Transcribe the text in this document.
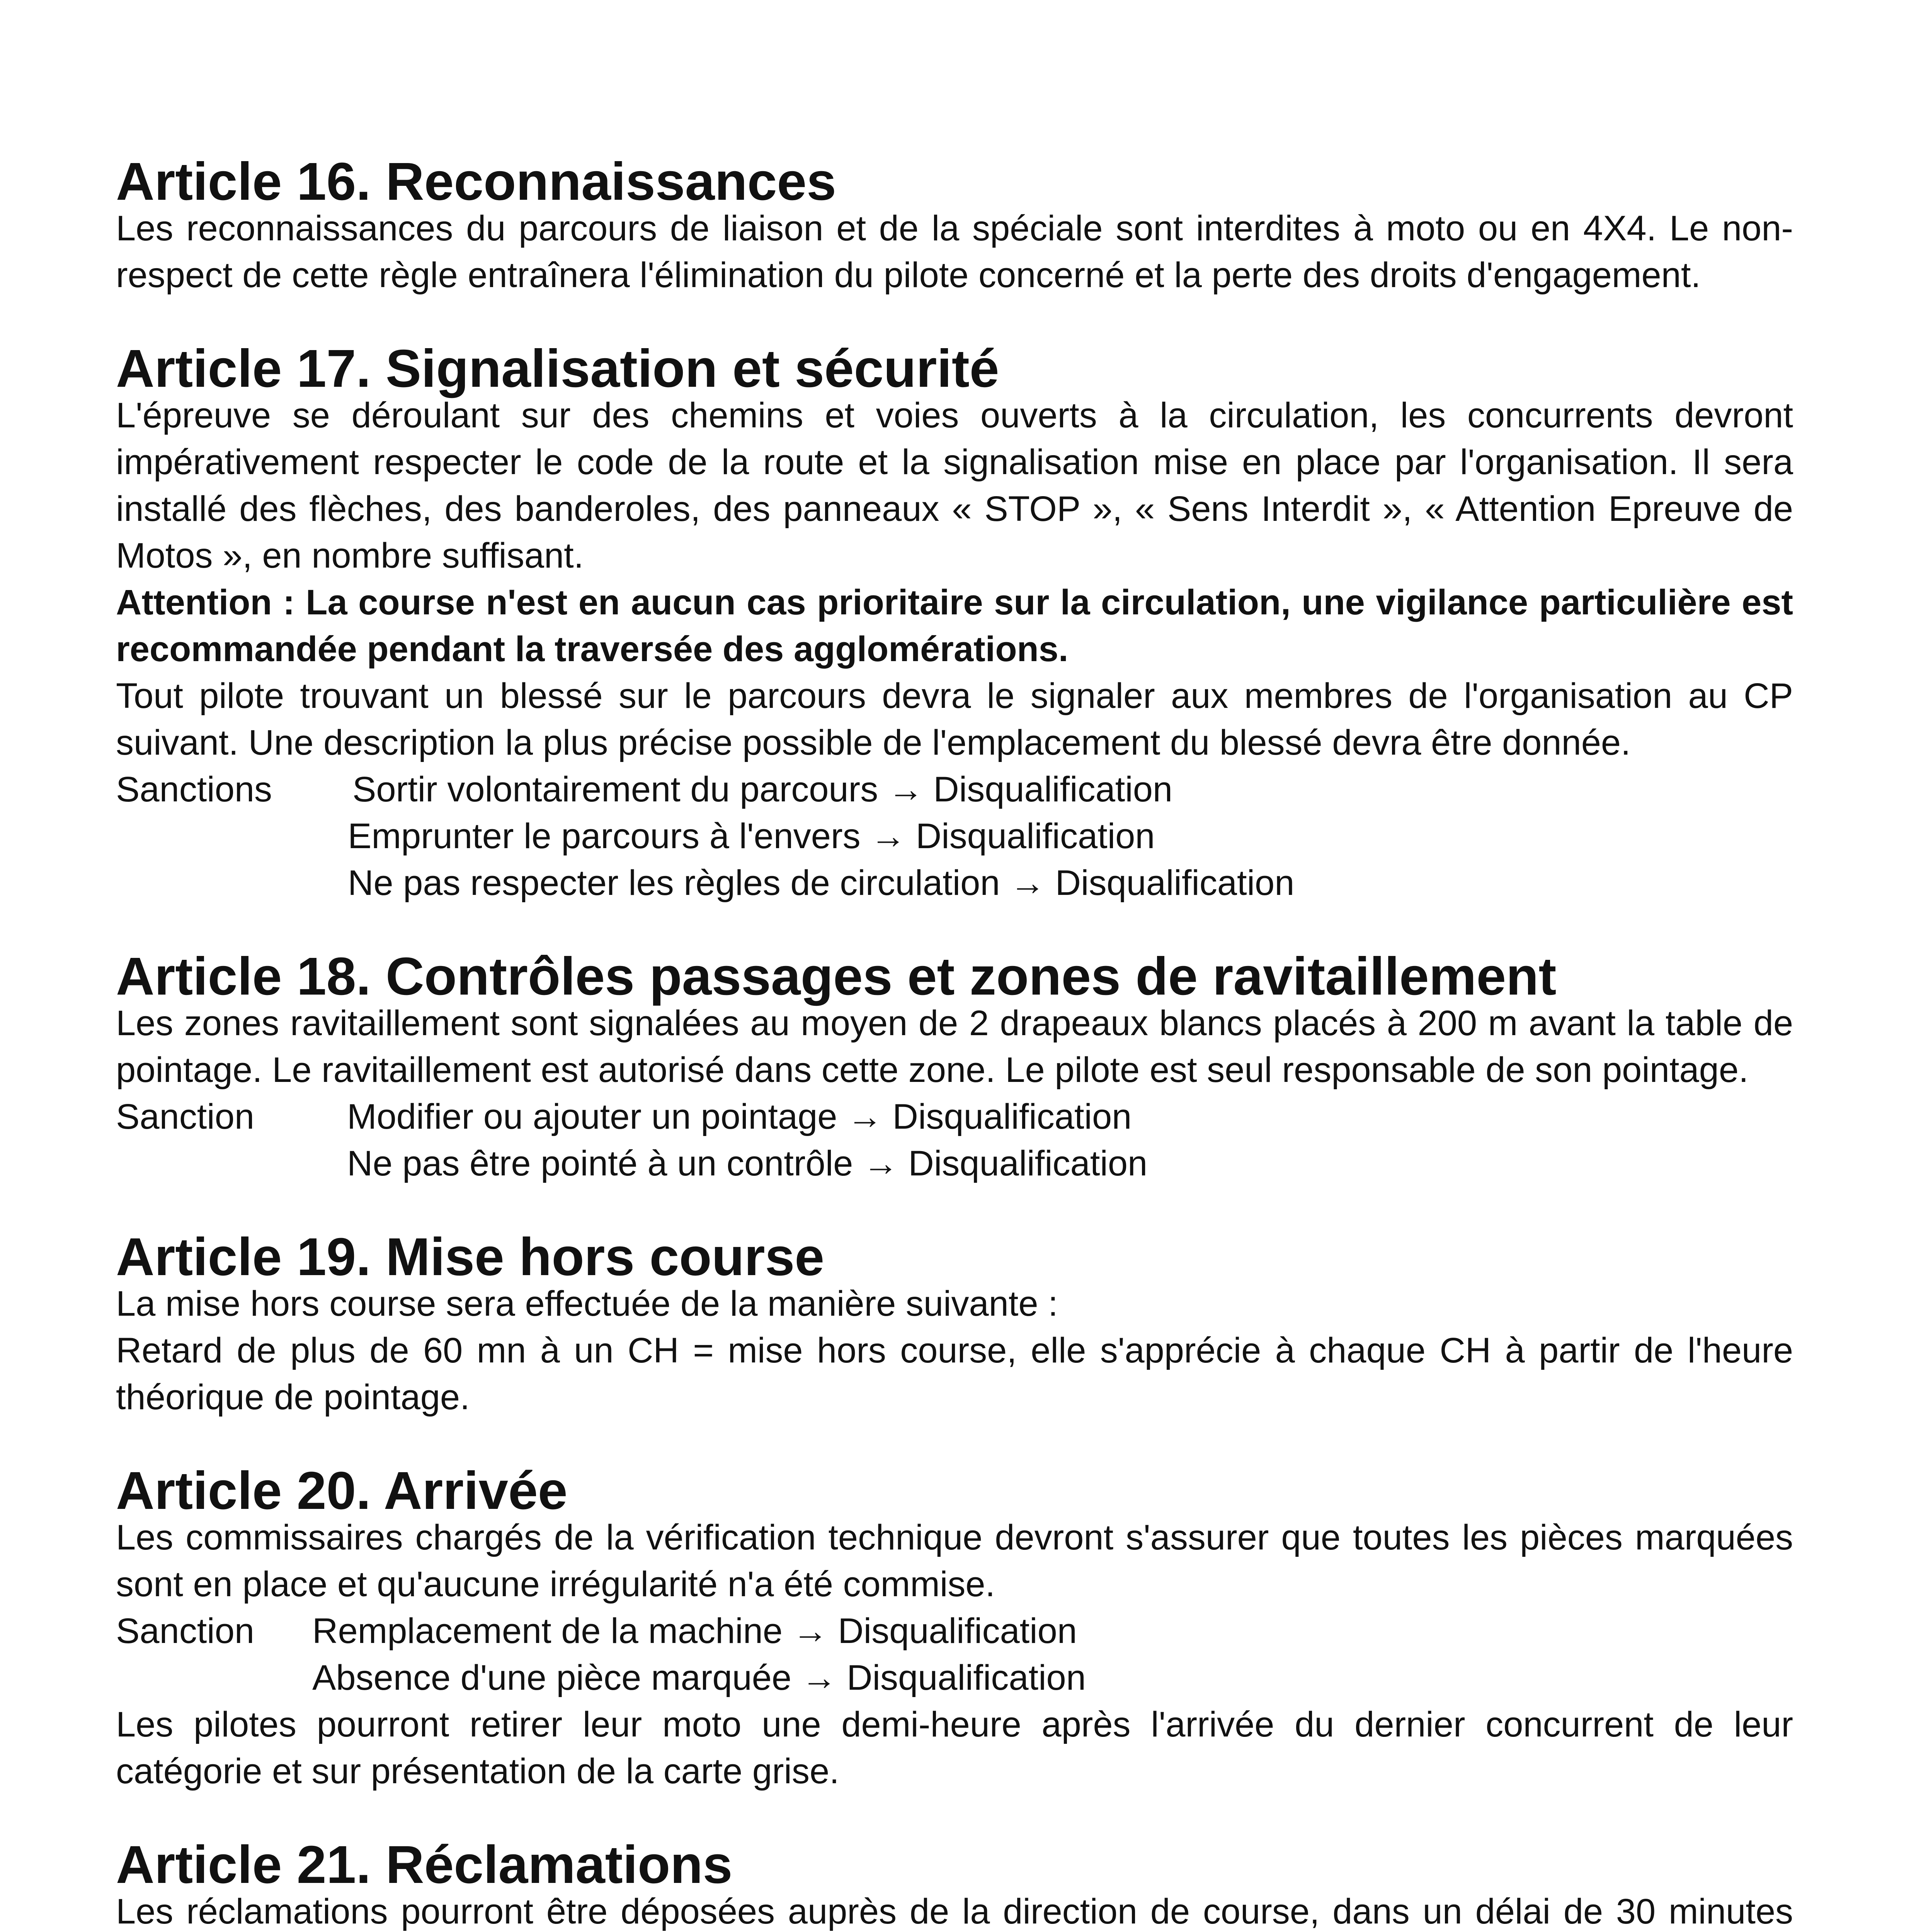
Article 16. Reconnaissances

Les reconnaissances du parcours de liaison et de la spéciale sont interdites à moto ou en 4X4. Le non-respect de cette règle entraînera l'élimination du pilote concerné et la perte des droits d'engagement.

Article 17. Signalisation et sécurité

L'épreuve se déroulant sur des chemins et voies ouverts à la circulation, les concurrents devront impérativement respecter le code de la route et la signalisation mise en place par l'organisation. Il sera installé des flèches, des banderoles, des panneaux « STOP », « Sens Interdit », « Attention Epreuve de Motos », en nombre suffisant.

Attention : La course n'est en aucun cas prioritaire sur la circulation, une vigilance particulière est recommandée pendant la traversée des agglomérations.

Tout pilote trouvant un blessé sur le parcours devra le signaler aux membres de l'organisation au CP suivant. Une description la plus précise possible de l'emplacement du blessé devra être donnée.

Sanctions	Sortir volontairement du parcours → Disqualification
Emprunter le parcours à l'envers → Disqualification
Ne pas respecter les règles de circulation → Disqualification
Article 18. Contrôles passages et zones de ravitaillement

Les zones ravitaillement sont signalées au moyen de 2 drapeaux blancs placés à 200 m avant la table de pointage. Le ravitaillement est autorisé dans cette zone. Le pilote est seul responsable de son pointage.

Sanction	Modifier ou ajouter un pointage → Disqualification
Ne pas être pointé à un contrôle → Disqualification
Article 19. Mise hors course

La mise hors course sera effectuée de la manière suivante :

Retard de plus de 60 mn à un CH = mise hors course, elle s'apprécie à chaque CH à partir de l'heure théorique de pointage.

Article 20. Arrivée

Les commissaires chargés de la vérification technique devront s'assurer que toutes les pièces marquées sont en place et qu'aucune irrégularité n'a été commise.

Sanction	Remplacement de la machine → Disqualification
Absence d'une pièce marquée → Disqualification

Les pilotes pourront retirer leur moto une demi-heure après l'arrivée du dernier concurrent de leur catégorie et sur présentation de la carte grise.

Article 21. Réclamations

Les réclamations pourront être déposées auprès de la direction de course, dans un délai de 30 minutes
